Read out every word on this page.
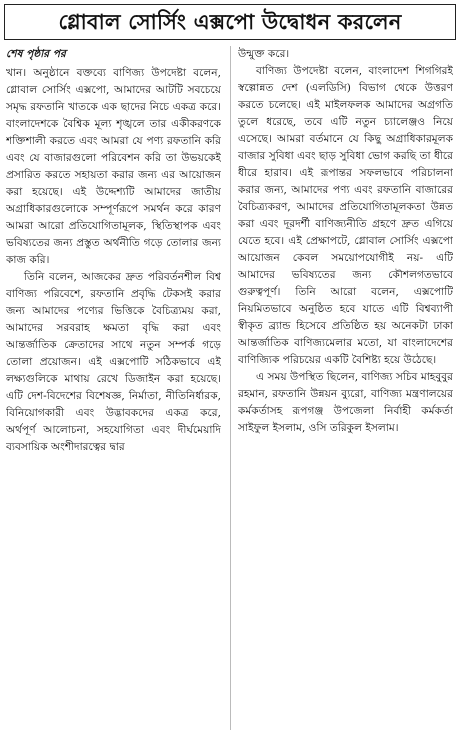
গ্লোবাল সোর্সিং এক্সপো উদ্বোধন করলেন
শেষ পৃষ্ঠার পর

খান। অনুষ্ঠানে বক্তব্যে বাণিজ্য উপদেষ্টা বলেন, গ্লোবাল সোর্সিং এক্সপো, আমাদের আটটি সবচেয়ে সমৃদ্ধ রফতানি খাতকে এক ছাদের নিচে একত্র করে। বাংলাদেশকে বৈশ্বিক মূল্য শৃঙ্খলে তার একীকরণকে শক্তিশালী করতে এবং আমরা যে পণ্য রফতানি করি এবং যে বাজারগুলো পরিবেশন করি তা উভয়কেই প্রসারিত করতে সহায়তা করার জন্য এর আয়োজন করা হয়েছে। এই উদ্দেশ্যটি আমাদের জাতীয় অগ্রাধিকারগুলোকে সম্পূর্ণরূপে সমর্থন করে কারণ আমরা আরো প্রতিযোগিতামূলক, স্থিতিস্থাপক এবং ভবিষ্যতের জন্য প্রস্তুত অর্থনীতি গড়ে তোলার জন্য কাজ করি।

তিনি বলেন, আজকের দ্রুত পরিবর্তনশীল বিশ্ব বাণিজ্য পরিবেশে, রফতানি প্রবৃদ্ধি টেকসই করার জন্য আমাদের পণ্যের ভিত্তিকে বৈচিত্র্যময় করা, আমাদের সরবরাহ ক্ষমতা বৃদ্ধি করা এবং আন্তর্জাতিক ক্রেতাদের সাথে নতুন সম্পর্ক গড়ে তোলা প্রয়োজন। এই এক্সপোটি সঠিকভাবে এই লক্ষ্যগুলিকে মাথায় রেখে ডিজাইন করা হয়েছে। এটি দেশ-বিদেশের বিশেষজ্ঞ, নির্মাতা, নীতিনির্ধারক, বিনিয়োগকারী এবং উদ্ভাবকদের একত্র করে, অর্থপূর্ণ আলোচনা, সহযোগিতা এবং দীর্ঘমেয়াদি ব্যবসায়িক অংশীদারত্বের দ্বার

উন্মুক্ত করে।

বাণিজ্য উপদেষ্টা বলেন, বাংলাদেশ শিগগিরই স্বল্পোন্নত দেশ (এলডিসি) বিভাগ থেকে উত্তরণ করতে চলেছে। এই মাইলফলক আমাদের অগ্রগতি তুলে ধরেছে, তবে এটি নতুন চ্যালেঞ্জও নিয়ে এসেছে। আমরা বর্তমানে যে কিছু অগ্রাধিকারমূলক বাজার সুবিধা এবং ছাড় সুবিধা ভোগ করছি তা ধীরে ধীরে হারাব। এই রূপান্তর সফলভাবে পরিচালনা করার জন্য, আমাদের পণ্য এবং রফতানি বাজারের বৈচিত্র্যকরণ, আমাদের প্রতিযোগিতামূলকতা উন্নত করা এবং দূরদর্শী বাণিজ্যনীতি গ্রহণে দ্রুত এগিয়ে যেতে হবে। এই প্রেক্ষাপটে, গ্লোবাল সোর্সিং এক্সপো আয়োজন কেবল সময়োপযোগীই নয়- এটি আমাদের ভবিষ্যতের জন্য কৌশলগতভাবে গুরুত্বপূর্ণ। তিনি আরো বলেন, এক্সপোটি নিয়মিতভাবে অনুষ্ঠিত হবে যাতে এটি বিশ্বব্যাপী স্বীকৃত ব্র্যান্ড হিসেবে প্রতিষ্ঠিত হয় অনেকটা ঢাকা আন্তর্জাতিক বাণিজ্যমেলার মতো, যা বাংলাদেশের বাণিজ্যিক পরিচয়ের একটি বৈশিষ্ট্য হয়ে উঠেছে।

এ সময় উপস্থিত ছিলেন, বাণিজ্য সচিব মাহবুবুর রহমান, রফতানি উন্নয়ন ব্যুরো, বাণিজ্য মন্ত্রণালয়ের কর্মকর্তাসহ রূপগঞ্জ উপজেলা নির্বাহী কর্মকর্তা সাইফুল ইসলাম, ওসি তরিকুল ইসলাম।
